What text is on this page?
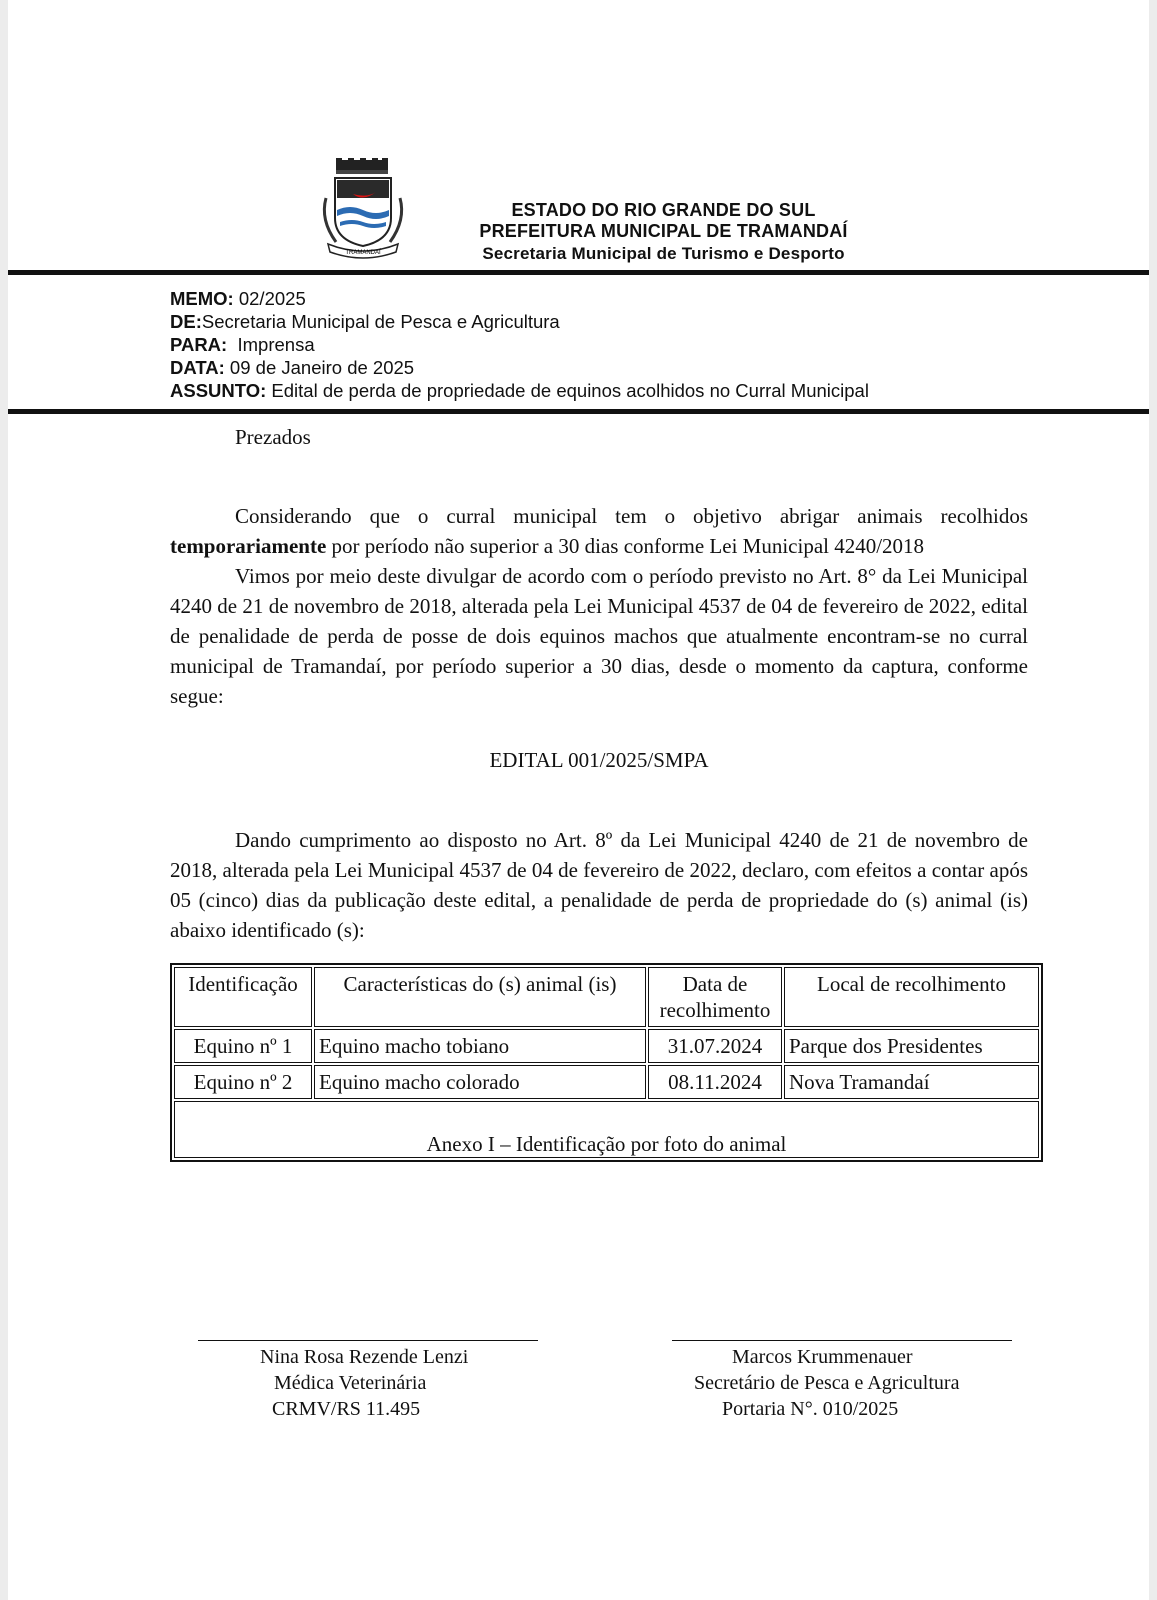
TRAMANDAÍ
ESTADO DO RIO GRANDE DO SUL
PREFEITURA MUNICIPAL DE TRAMANDAÍ
Secretaria Municipal de Turismo e Desporto
MEMO: 02/2025
DE:Secretaria Municipal de Pesca e Agricultura
PARA:  Imprensa
DATA: 09 de Janeiro de 2025
ASSUNTO: Edital de perda de propriedade de equinos acolhidos no Curral Municipal
Prezados
Considerando que o curral municipal tem o objetivo abrigar animais recolhidos temporariamente por período não superior a 30 dias conforme Lei Municipal 4240/2018
Vimos por meio deste divulgar de acordo com o período previsto no Art. 8° da Lei Municipal 4240 de 21 de novembro de 2018, alterada pela Lei Municipal 4537 de 04 de fevereiro de 2022, edital de penalidade de perda de posse de dois equinos machos que atualmente encontram-se no curral municipal de Tramandaí, por período superior a 30 dias, desde o momento da captura, conforme segue:
EDITAL 001/2025/SMPA
Dando cumprimento ao disposto no Art. 8º da Lei Municipal 4240 de 21 de novembro de 2018, alterada pela Lei Municipal 4537 de 04 de fevereiro de 2022, declaro, com efeitos a contar após 05 (cinco) dias da publicação deste edital, a penalidade de perda de propriedade do (s) animal (is) abaixo identificado (s):
Identificação	Características do (s) animal (is)	Data de recolhimento	Local de recolhimento
Equino nº 1	Equino macho tobiano	31.07.2024	Parque dos Presidentes
Equino nº 2	Equino macho colorado	08.11.2024	Nova Tramandaí
Anexo I – Identificação por foto do animal			
Nina Rosa Rezende Lenzi
Médica Veterinária
CRMV/RS 11.495
Marcos Krummenauer
Secretário de Pesca e Agricultura
Portaria N°. 010/2025
